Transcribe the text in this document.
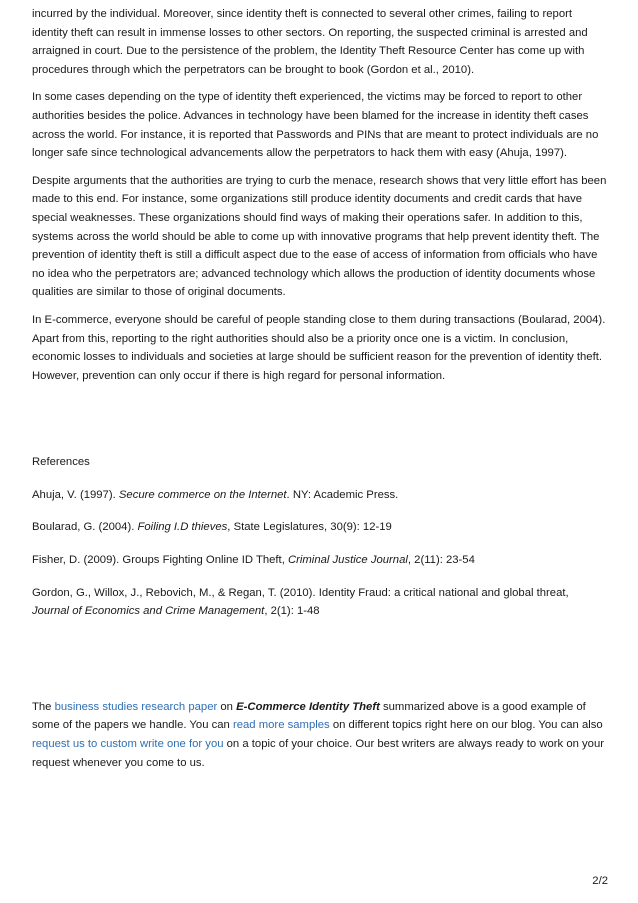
incurred by the individual. Moreover, since identity theft is connected to several other crimes, failing to report identity theft can result in immense losses to other sectors. On reporting, the suspected criminal is arrested and arraigned in court. Due to the persistence of the problem, the Identity Theft Resource Center has come up with procedures through which the perpetrators can be brought to book (Gordon et al., 2010).

In some cases depending on the type of identity theft experienced, the victims may be forced to report to other authorities besides the police. Advances in technology have been blamed for the increase in identity theft cases across the world. For instance, it is reported that Passwords and PINs that are meant to protect individuals are no longer safe since technological advancements allow the perpetrators to hack them with easy (Ahuja, 1997).

Despite arguments that the authorities are trying to curb the menace, research shows that very little effort has been made to this end. For instance, some organizations still produce identity documents and credit cards that have special weaknesses. These organizations should find ways of making their operations safer. In addition to this, systems across the world should be able to come up with innovative programs that help prevent identity theft. The prevention of identity theft is still a difficult aspect due to the ease of access of information from officials who have no idea who the perpetrators are; advanced technology which allows the production of identity documents whose qualities are similar to those of original documents.

In E-commerce, everyone should be careful of people standing close to them during transactions (Boularad, 2004). Apart from this, reporting to the right authorities should also be a priority once one is a victim. In conclusion, economic losses to individuals and societies at large should be sufficient reason for the prevention of identity theft. However, prevention can only occur if there is high regard for personal information.

References

Ahuja, V. (1997). Secure commerce on the Internet. NY: Academic Press.

Boularad, G. (2004). Foiling I.D thieves, State Legislatures, 30(9): 12-19

Fisher, D. (2009). Groups Fighting Online ID Theft, Criminal Justice Journal, 2(11): 23-54

Gordon, G., Willox, J., Rebovich, M., & Regan, T. (2010). Identity Fraud: a critical national and global threat, Journal of Economics and Crime Management, 2(1): 1-48

The business studies research paper on E-Commerce Identity Theft summarized above is a good example of some of the papers we handle. You can read more samples on different topics right here on our blog. You can also request us to custom write one for you on a topic of your choice. Our best writers are always ready to work on your request whenever you come to us.

2/2
